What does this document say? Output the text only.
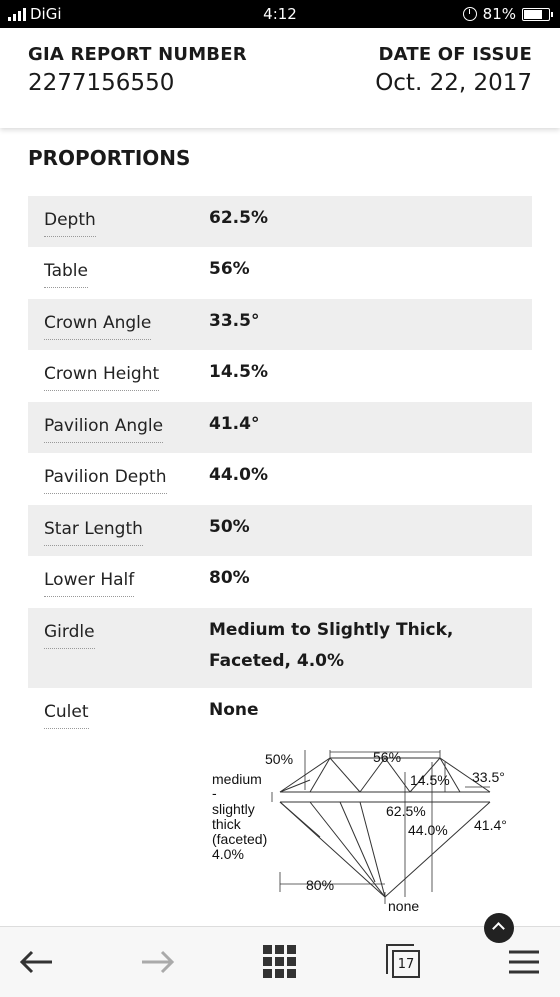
DiGi	4:12	81%
GIA REPORT NUMBER
2277156550
DATE OF ISSUE
Oct. 22, 2017
PROPORTIONS
Depth	62.5%
Table	56%
Crown Angle	33.5°
Crown Height	14.5%
Pavilion Angle	41.4°
Pavilion Depth	44.0%
Star Length	50%
Lower Half	80%
Girdle	Medium to Slightly Thick, Faceted, 4.0%
Culet	None
50%	56%
14.5% 33.5°
62.5%
44.0% 41.4°
80%
none
medium
-
slightly
thick
(faceted)
4.0%
17
